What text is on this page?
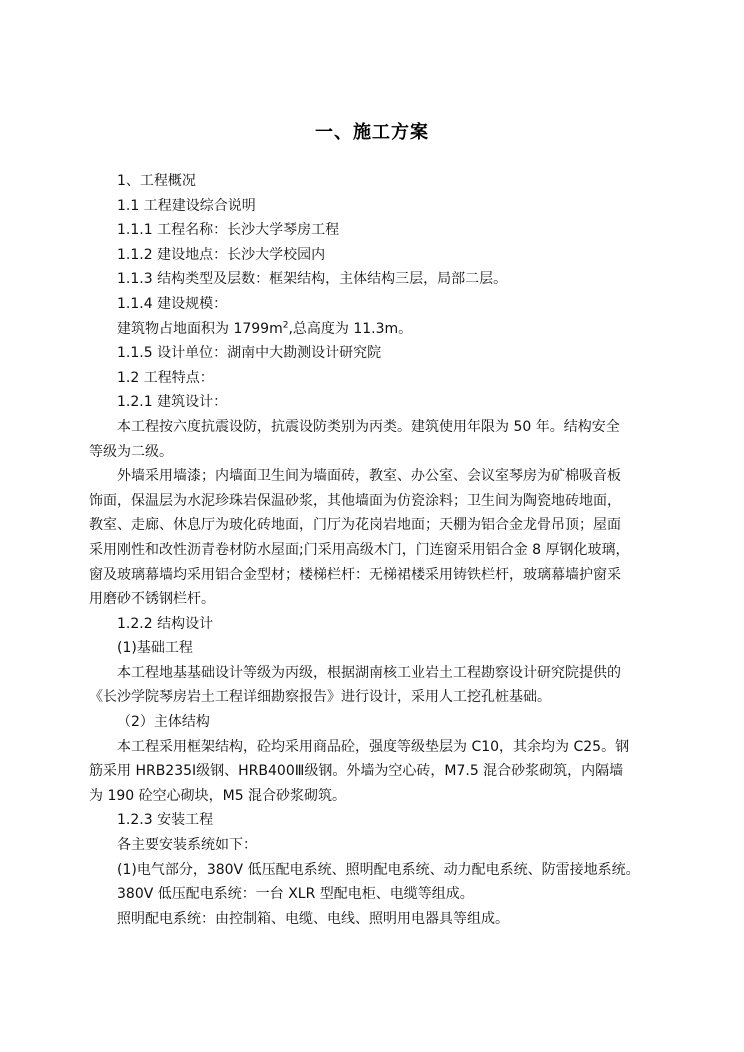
一、施工方案

1、工程概况

1.1 工程建设综合说明

1.1.1 工程名称：长沙大学琴房工程

1.1.2 建设地点：长沙大学校园内

1.1.3 结构类型及层数：框架结构，主体结构三层，局部二层。

1.1.4 建设规模：

建筑物占地面积为 $1799m^2$,总高度为 11.3m。

1.1.5 设计单位：湖南中大勘测设计研究院

1.2 工程特点：

1.2.1 建筑设计：

本工程按六度抗震设防，抗震设防类别为丙类。建筑使用年限为 50 年。结构安全

等级为二级。

外墙采用墙漆；内墙面卫生间为墙面砖，教室、办公室、会议室琴房为矿棉吸音板

饰面，保温层为水泥珍珠岩保温砂浆，其他墙面为仿瓷涂料；卫生间为陶瓷地砖地面，

教室、走廊、休息厅为玻化砖地面，门厅为花岗岩地面；天棚为铝合金龙骨吊顶；屋面

采用刚性和改性沥青卷材防水屋面;门采用高级木门，门连窗采用铝合金 8 厚钢化玻璃，

窗及玻璃幕墙均采用铝合金型材；楼梯栏杆：无梯裙楼采用铸铁栏杆，玻璃幕墙护窗采

用磨砂不锈钢栏杆。

1.2.2 结构设计

(1)基础工程

本工程地基基础设计等级为丙级，根据湖南核工业岩土工程勘察设计研究院提供的

《长沙学院琴房岩土工程详细勘察报告》进行设计，采用人工挖孔桩基础。

（2）主体结构

本工程采用框架结构，砼均采用商品砼，强度等级垫层为 C10，其余均为 C25。钢

筋采用 HRB235Ⅰ级钢、HRB400Ⅲ级钢。外墙为空心砖，M7.5 混合砂浆砌筑，内隔墙

为 190 砼空心砌块，M5 混合砂浆砌筑。

1.2.3 安装工程

各主要安装系统如下：

(1)电气部分，380V 低压配电系统、照明配电系统、动力配电系统、防雷接地系统。

380V 低压配电系统：一台 XLR 型配电柜、电缆等组成。

照明配电系统：由控制箱、电缆、电线、照明用电器具等组成。
